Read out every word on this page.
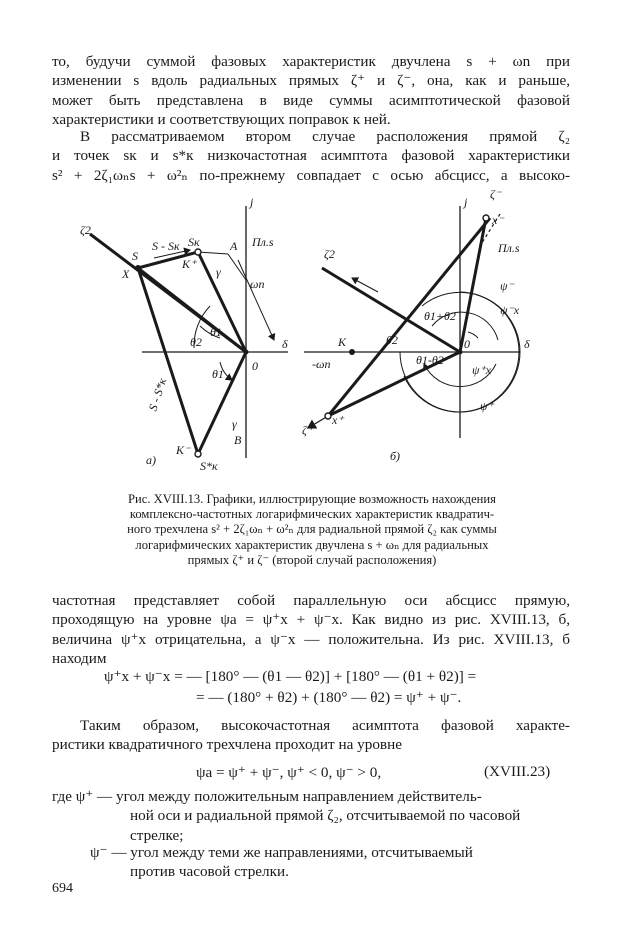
то, будучи суммой фазовых характеристик двучлена s + ωn при
изменении s вдоль радиальных прямых ζ⁺ и ζ⁻, она, как и раньше,
может быть представлена в виде суммы асимптотической фазовой
характеристики и соответствующих поправок к ней.
В рассматриваемом втором случае расположения прямой ζ₂
и точек sк и s*к низкочастотная асимптота фазовой характеристики
s² + 2ζ₁ωₙs + ω²ₙ по-прежнему совпадает с осью абсцисс, а высоко-
ζ2
S
S - Sк Sк	A
K⁺
γ
ωn
Пл.s
j
X
θ2
θ1
θ1
0
δ
S - S*к
K⁻
S*к
γ
B
а)
j
ζ⁻
x⁻
Пл.s
ζ2
θ1+θ2
ψ⁻
ψ⁻x
θ2
K	0	δ
-ωn	θ1-θ2
ψ⁺x
ψ⁺
ζ⁺
x⁺
б)
Рис. XVIII.13. Графики, иллюстрирующие возможность нахождения
комплексно-частотных логарифмических характеристик квадратич-
ного трехчлена s² + 2ζ₁ωₙ + ω²ₙ для радиальной прямой ζ₂ как суммы
логарифмических характеристик двучлена s + ωₙ для радиальных
прямых ζ⁺ и ζ⁻ (второй случай расположения)
частотная представляет собой параллельную оси абсцисс прямую,
проходящую на уровне ψa = ψ⁺x + ψ⁻x. Как видно из рис. XVIII.13, б,
величина ψ⁺x отрицательна, а ψ⁻x — положительна. Из рис. XVIII.13, б
находим
ψ⁺x + ψ⁻x = — [180° — (θ1 — θ2)] + [180° — (θ1 + θ2)] =
= — (180° + θ2) + (180° — θ2) = ψ⁺ + ψ⁻.
Таким образом, высокочастотная асимптота фазовой характе-
ристики квадратичного трехчлена проходит на уровне
ψa = ψ⁺ + ψ⁻, ψ⁺ < 0, ψ⁻ > 0,	(XVIII.23)
где ψ⁺ — угол между положительным направлением действитель-
ной оси и радиальной прямой ζ₂, отсчитываемой по часовой
стрелке;
ψ⁻ — угол между теми же направлениями, отсчитываемый
против часовой стрелки.
694
